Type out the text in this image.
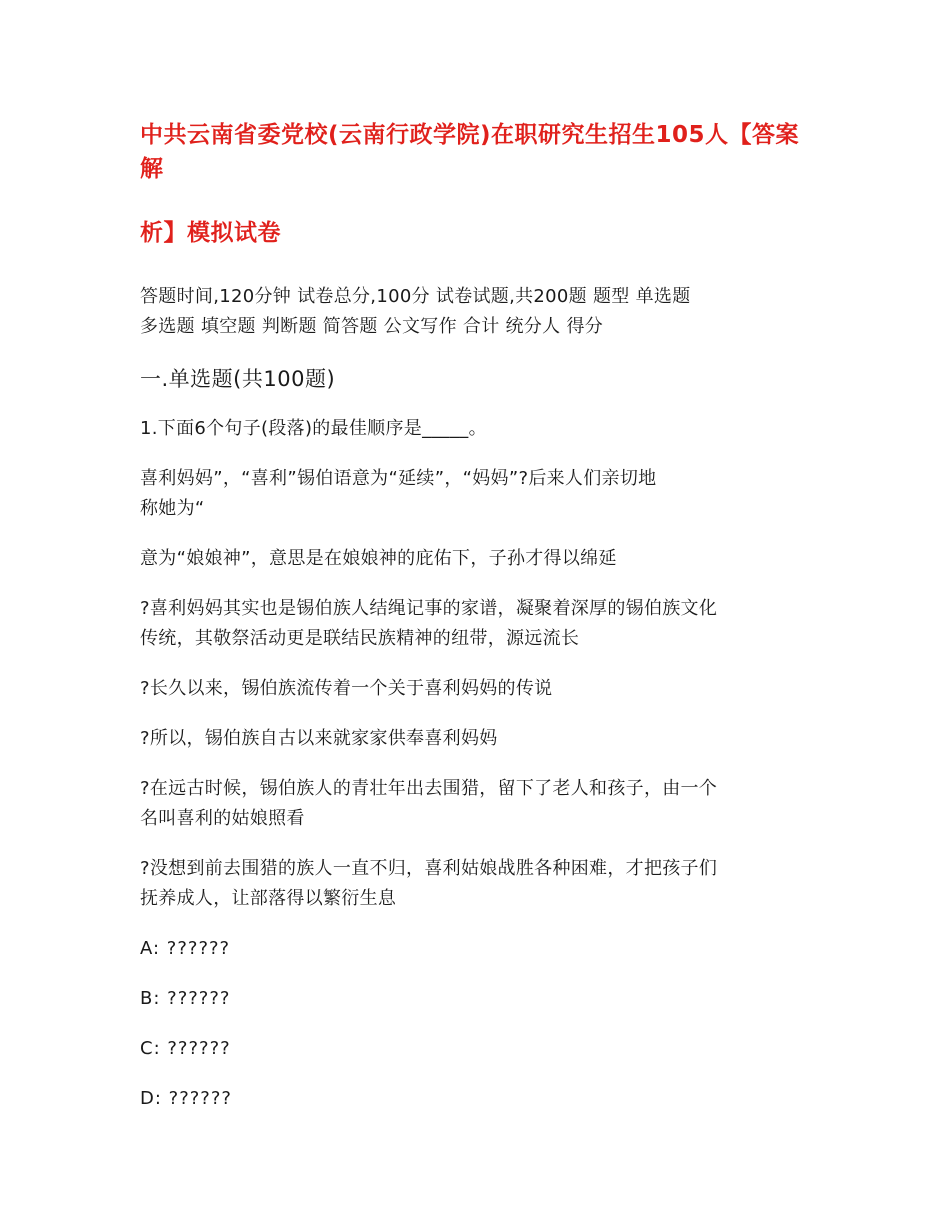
中共云南省委党校(云南行政学院)在职研究生招生105人【答案解
析】模拟试卷
答题时间,120分钟 试卷总分,100分 试卷试题,共200题 题型 单选题
多选题 填空题 判断题 简答题 公文写作 合计 统分人 得分
一.单选题(共100题)

1.下面6个句子(段落)的最佳顺序是_____。

喜利妈妈”，“喜利”锡伯语意为“延续”，“妈妈”?后来人们亲切地
称她为“
意为“娘娘神”，意思是在娘娘神的庇佑下，子孙才得以绵延
?喜利妈妈其实也是锡伯族人结绳记事的家谱，凝聚着深厚的锡伯族文化
传统，其敬祭活动更是联结民族精神的纽带，源远流长
?长久以来，锡伯族流传着一个关于喜利妈妈的传说
?所以，锡伯族自古以来就家家供奉喜利妈妈
?在远古时候，锡伯族人的青壮年出去围猎，留下了老人和孩子，由一个
名叫喜利的姑娘照看
?没想到前去围猎的族人一直不归，喜利姑娘战胜各种困难，才把孩子们
抚养成人，让部落得以繁衍生息
A: ??????
B: ??????
C: ??????
D: ??????
